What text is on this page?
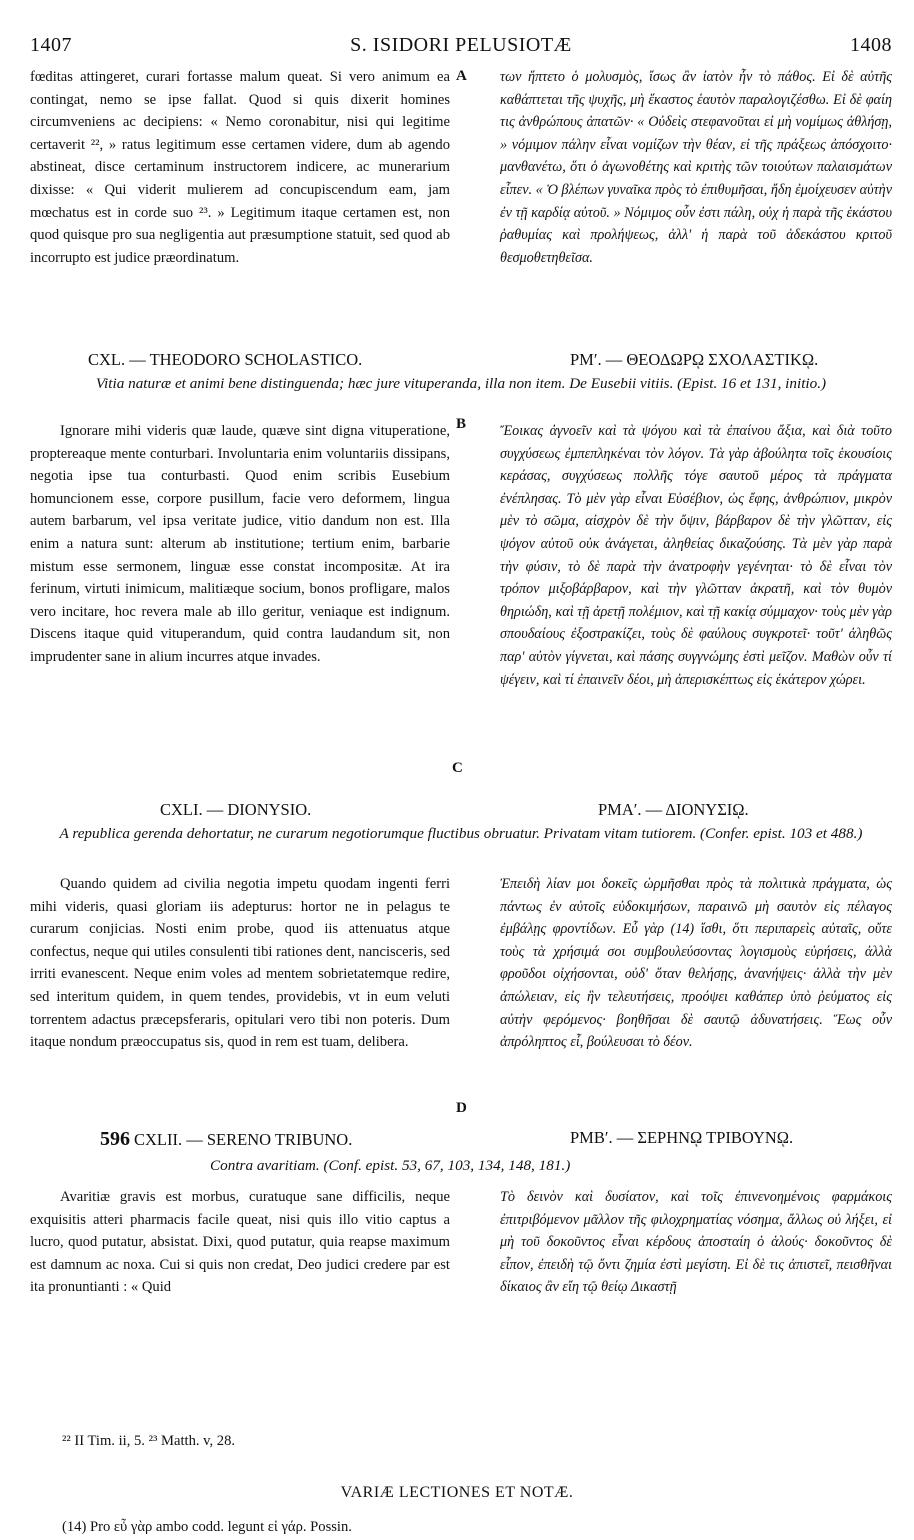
1407	S. ISIDORI PELUSIOTÆ	1408

fœditas attingeret, curari fortasse malum queat. Si vero animum ea contingat, nemo se ipse fallat. Quod si quis dixerit homines circumveniens ac decipiens: « Nemo coronabitur, nisi qui legitime certaverit ²², » ratus legitimum esse certamen videre, dum ab agendo abstineat, disce certaminum instructorem indicere, ac munerarium dixisse: « Qui viderit mulierem ad concupiscendum eam, jam mœchatus est in corde suo ²³. » Legitimum itaque certamen est, non quod quisque pro sua negligentia aut præsumptione statuit, sed quod ab incorrupto est judice præordinatum.

των ἥπτετο ὁ μολυσμὸς, ἴσως ἂν ἰατὸν ἦν τὸ πάθος. Εἰ δὲ αὐτῆς καθάπτεται τῆς ψυχῆς, μὴ ἕκαστος ἑαυτὸν παραλογιζέσθω. Εἰ δὲ φαίη τις ἀνθρώπους ἀπατῶν· « Οὐδεὶς στεφανοῦται εἰ μὴ νομίμως ἀθλήσῃ, » νόμιμον πάλην εἶναι νομίζων τὴν θέαν, εἰ τῆς πράξεως ἀπόσχοιτο· μανθανέτω, ὅτι ὁ ἀγωνοθέτης καὶ κριτὴς τῶν τοιούτων παλαισμάτων εἶπεν. « Ὁ βλέπων γυναῖκα πρὸς τὸ ἐπιθυμῆσαι, ἤδη ἐμοίχευσεν αὐτὴν ἐν τῇ καρδίᾳ αὐτοῦ. » Νόμιμος οὖν ἐστι πάλη, οὐχ ἡ παρὰ τῆς ἑκάστου ῥαθυμίας καὶ προλήψεως, ἀλλ' ἡ παρὰ τοῦ ἀδεκάστου κριτοῦ θεσμοθετηθεῖσα.

A
CXL. — THEODORO SCHOLASTICO.	ΡΜʹ. — ΘΕΟΔΩΡῼ ΣΧΟΛΑΣΤΙΚῼ.
Vitia naturæ et animi bene distinguenda; hæc jure vituperanda, illa non item. De Eusebii vitiis. (Epist. 16 et 131, initio.)

Ignorare mihi videris quæ laude, quæve sint digna vituperatione, proptereaque mente conturbari. Involuntaria enim voluntariis dissipans, negotia ipse tua conturbasti. Quod enim scribis Eusebium homuncionem esse, corpore pusillum, facie vero deformem, lingua autem barbarum, vel ipsa veritate judice, vitio dandum non est. Illa enim a natura sunt: alterum ab institutione; tertium enim, barbarie mistum esse sermonem, linguæ esse constat incompositæ. At ira ferinum, virtuti inimicum, malitiæque socium, bonos profligare, malos vero incitare, hoc revera male ab illo geritur, veniaque est indignum. Discens itaque quid vituperandum, quid contra laudandum sit, non imprudenter sane in alium incurres atque invades.

Ἔοικας ἀγνοεῖν καὶ τὰ ψόγου καὶ τὰ ἐπαίνου ἄξια, καὶ διὰ τοῦτο συγχύσεως ἐμπεπληκέναι τὸν λόγον. Τὰ γὰρ ἀβούλητα τοῖς ἑκουσίοις κεράσας, συγχύσεως πολλῆς τόγε σαυτοῦ μέρος τὰ πράγματα ἐνέπλησας. Τὸ μὲν γὰρ εἶναι Εὐσέβιον, ὡς ἔφης, ἀνθρώπιον, μικρὸν μὲν τὸ σῶμα, αἰσχρὸν δὲ τὴν ὄψιν, βάρβαρον δὲ τὴν γλῶτταν, εἰς ψόγον αὐτοῦ οὐκ ἀνάγεται, ἀληθείας δικαζούσης. Τὰ μὲν γὰρ παρὰ τὴν φύσιν, τὸ δὲ παρὰ τὴν ἀνατροφὴν γεγένηται· τὸ δὲ εἶναι τὸν τρόπον μιξοβάρβαρον, καὶ τὴν γλῶτταν ἀκρατῆ, καὶ τὸν θυμὸν θηριώδη, καὶ τῇ ἀρετῇ πολέμιον, καὶ τῇ κακίᾳ σύμμαχον· τοὺς μὲν γὰρ σπουδαίους ἐξοστρακίζει, τοὺς δὲ φαύλους συγκροτεῖ· τοῦτ' ἀληθῶς παρ' αὐτὸν γίγνεται, καὶ πάσης συγγνώμης ἐστὶ μεῖζον. Μαθὼν οὖν τί ψέγειν, καὶ τί ἐπαινεῖν δέοι, μὴ ἀπερισκέπτως εἰς ἑκάτερον χώρει.

B
C
CXLI. — DIONYSIO.	ΡΜΑʹ. — ΔΙΟΝΥΣΙῼ.
A republica gerenda dehortatur, ne curarum negotiorumque fluctibus obruatur. Privatam vitam tutiorem. (Confer. epist. 103 et 488.)

Quando quidem ad civilia negotia impetu quodam ingenti ferri mihi videris, quasi gloriam iis adepturus: hortor ne in pelagus te curarum conjicias. Nosti enim probe, quod iis attenuatus atque confectus, neque qui utiles consulenti tibi rationes dent, nancisceris, sed irriti evanescent. Neque enim voles ad mentem sobrietatemque redire, sed interitum quidem, in quem tendes, providebis, vt in eum veluti torrentem adactus præcepsferaris, opitulari vero tibi non poteris. Dum itaque nondum præoccupatus sis, quod in rem est tuam, delibera.

Ἐπειδὴ λίαν μοι δοκεῖς ὡρμῆσθαι πρὸς τὰ πολιτικὰ πράγματα, ὡς πάντως ἐν αὐτοῖς εὐδοκιμήσων, παραινῶ μὴ σαυτὸν εἰς πέλαγος ἐμβάλῃς φροντίδων. Εὖ γὰρ (14) ἴσθι, ὅτι περιπαρεὶς αὐταῖς, οὔτε τοὺς τὰ χρήσιμά σοι συμβουλεύσοντας λογισμοὺς εὑρήσεις, ἀλλὰ φροῦδοι οἰχήσονται, οὐδ' ὅταν θελήσῃς, ἀνανήψεις· ἀλλὰ τὴν μὲν ἀπώλειαν, εἰς ἣν τελευτήσεις, προόψει καθάπερ ὑπὸ ῥεύματος εἰς αὐτὴν φερόμενος· βοηθῆσαι δὲ σαυτῷ ἀδυνατήσεις. Ἕως οὖν ἀπρόληπτος εἶ, βούλευσαι τὸ δέον.

D
596 CXLII. — SERENO TRIBUNO.	ΡΜΒʹ. — ΣΕΡΗΝῼ ΤΡΙΒΟΥΝῼ.
Contra avaritiam. (Conf. epist. 53, 67, 103, 134, 148, 181.)

Avaritiæ gravis est morbus, curatuque sane difficilis, neque exquisitis atteri pharmacis facile queat, nisi quis illo vitio captus a lucro, quod putatur, absistat. Dixi, quod putatur, quia reapse maximum est damnum ac noxa. Cui si quis non credat, Deo judici credere par est ita pronuntianti : « Quid

Τὸ δεινὸν καὶ δυσίατον, καὶ τοῖς ἐπινενοημένοις φαρμάκοις ἐπιτριβόμενον μᾶλλον τῆς φιλοχρηματίας νόσημα, ἄλλως οὐ λήξει, εἰ μὴ τοῦ δοκοῦντος εἶναι κέρδους ἀποσταίη ὁ ἁλούς· δοκοῦντος δὲ εἶπον, ἐπειδὴ τῷ ὄντι ζημία ἐστὶ μεγίστη. Εἰ δὲ τις ἀπιστεῖ, πεισθῆναι δίκαιος ἂν εἴη τῷ θείῳ Δικαστῇ

²² II Tim. ii, 5. ²³ Matth. v, 28.
VARIÆ LECTIONES ET NOTÆ.
(14) Pro εὖ γὰρ ambo codd. legunt εἰ γάρ. Possin.
